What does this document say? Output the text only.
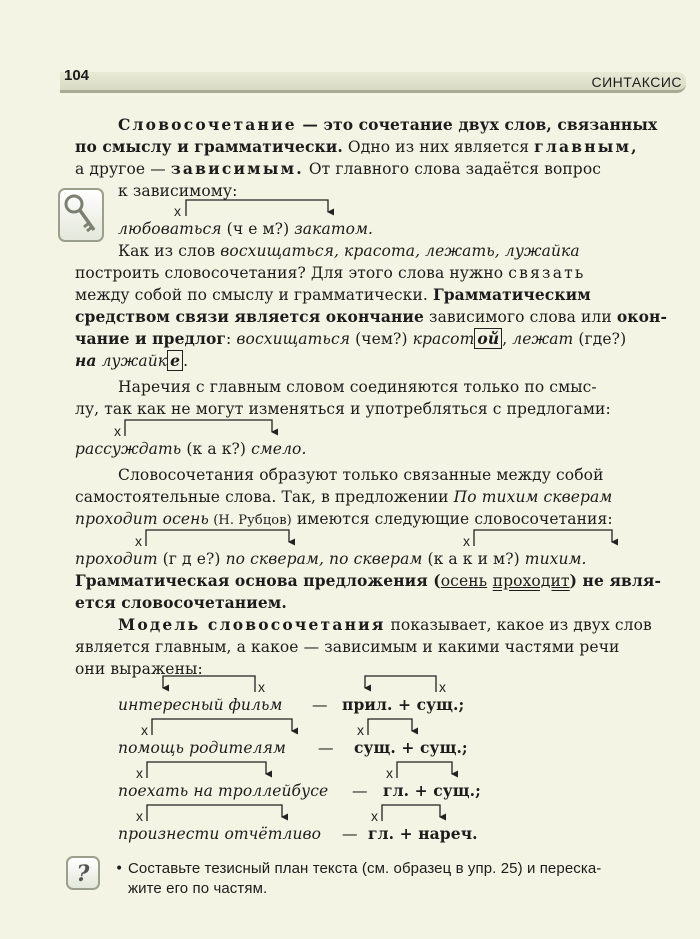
104	СИНТАКСИС
Словосочетание — это сочетание двух слов, связанных
по смыслу и грамматически. Одно из них является главным,
а другое — зависимым. От главного слова задаётся вопрос
к зависимому:
любоваться (ч е м?) закатом.
Как из слов восхищаться, красота, лежать, лужайка
построить словосочетания? Для этого слова нужно связать
между собой по смыслу и грамматически. Грамматическим
средством связи является окончание зависимого слова или окон-
чание и предлог: восхищаться (чем?) красот ой , лежат (где?)
на лужайк е .
Наречия с главным словом соединяются только по смыс-
лу, так как не могут изменяться и употребляться с предлогами:
рассуждать (к а к?) смело.
Словосочетания образуют только связанные между собой
самостоятельные слова. Так, в предложении По тихим скверам
проходит осень (Н. Рубцов) имеются следующие словосочетания:
проходит (г д е?) по скверам, по скверам (к а к и м?) тихим.
Грамматическая основа предложения (осень проходит) не явля-
ется словосочетанием.
Модель словосочетания показывает, какое из двух слов
является главным, а какое — зависимым и какими частями речи
они выражены:
интересный фильм — прил. + сущ.;
помощь родителям — сущ. + сущ.;
поехать на троллейбусе — гл. + сущ.;
произнести отчётливо — гл. + нареч.
? • Составьте тезисный план текста (см. образец в упр. 25) и переска-
жите его по частям.
х
х
х	х
х	х
х	х
х	х
х	х
